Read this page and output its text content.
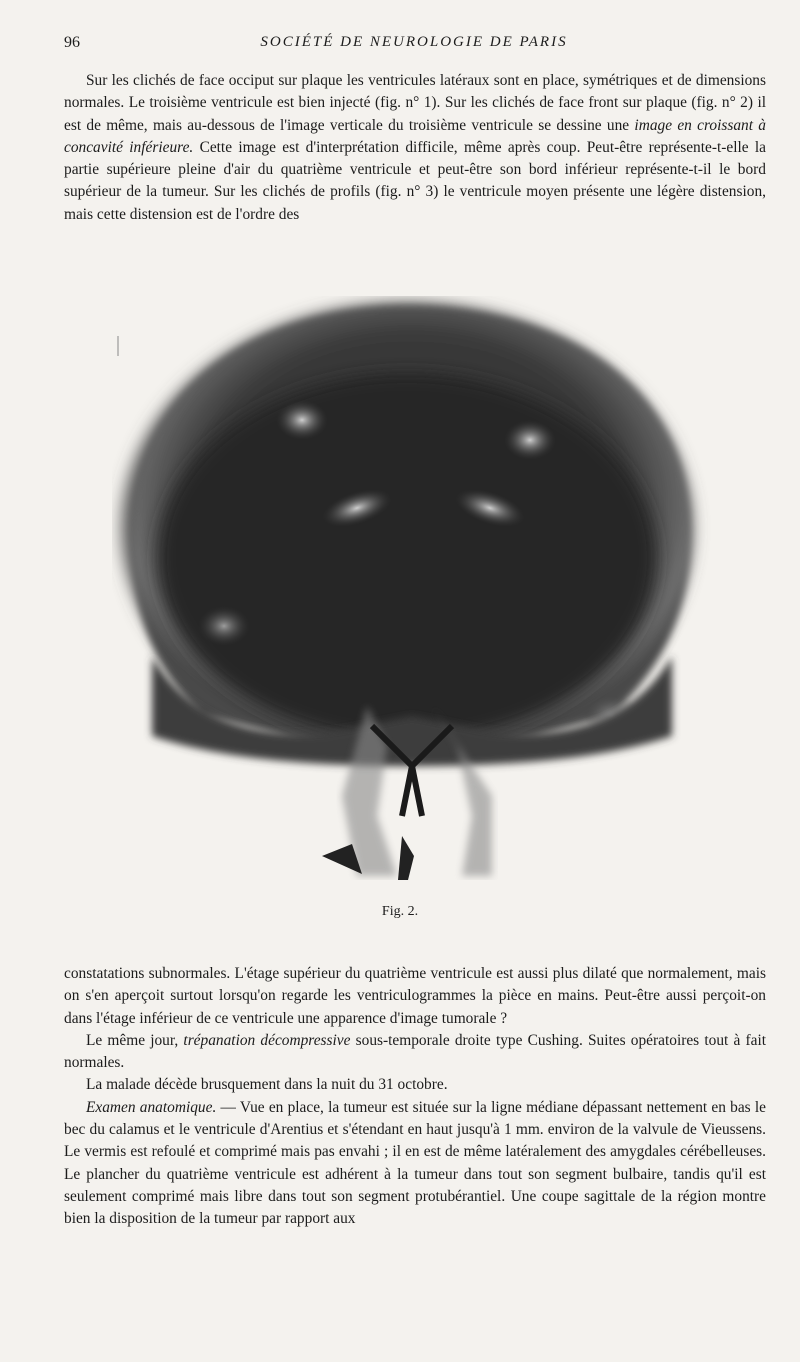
96	SOCIÉTÉ DE NEUROLOGIE DE PARIS

Sur les clichés de face occiput sur plaque les ventricules latéraux sont en place, symétriques et de dimensions normales. Le troisième ventricule est bien injecté (fig. n° 1). Sur les clichés de face front sur plaque (fig. n° 2) il est de même, mais au-dessous de l'image verticale du troisième ventricule se dessine une image en croissant à concavité inférieure. Cette image est d'interprétation difficile, même après coup. Peut-être représente-t-elle la partie supérieure pleine d'air du quatrième ventricule et peut-être son bord inférieur représente-t-il le bord supérieur de la tumeur. Sur les clichés de profils (fig. n° 3) le ventricule moyen présente une légère distension, mais cette distension est de l'ordre des

Fig. 2.

constatations subnormales. L'étage supérieur du quatrième ventricule est aussi plus dilaté que normalement, mais on s'en aperçoit surtout lorsqu'on regarde les ventriculogrammes la pièce en mains. Peut-être aussi perçoit-on dans l'étage inférieur de ce ventricule une apparence d'image tumorale ?

Le même jour, trépanation décompressive sous-temporale droite type Cushing. Suites opératoires tout à fait normales.

La malade décède brusquement dans la nuit du 31 octobre.

Examen anatomique. — Vue en place, la tumeur est située sur la ligne médiane dépassant nettement en bas le bec du calamus et le ventricule d'Arentius et s'étendant en haut jusqu'à 1 mm. environ de la valvule de Vieussens. Le vermis est refoulé et comprimé mais pas envahi ; il en est de même latéralement des amygdales cérébelleuses. Le plancher du quatrième ventricule est adhérent à la tumeur dans tout son segment bulbaire, tandis qu'il est seulement comprimé mais libre dans tout son segment protubérantiel. Une coupe sagittale de la région montre bien la disposition de la tumeur par rapport aux
